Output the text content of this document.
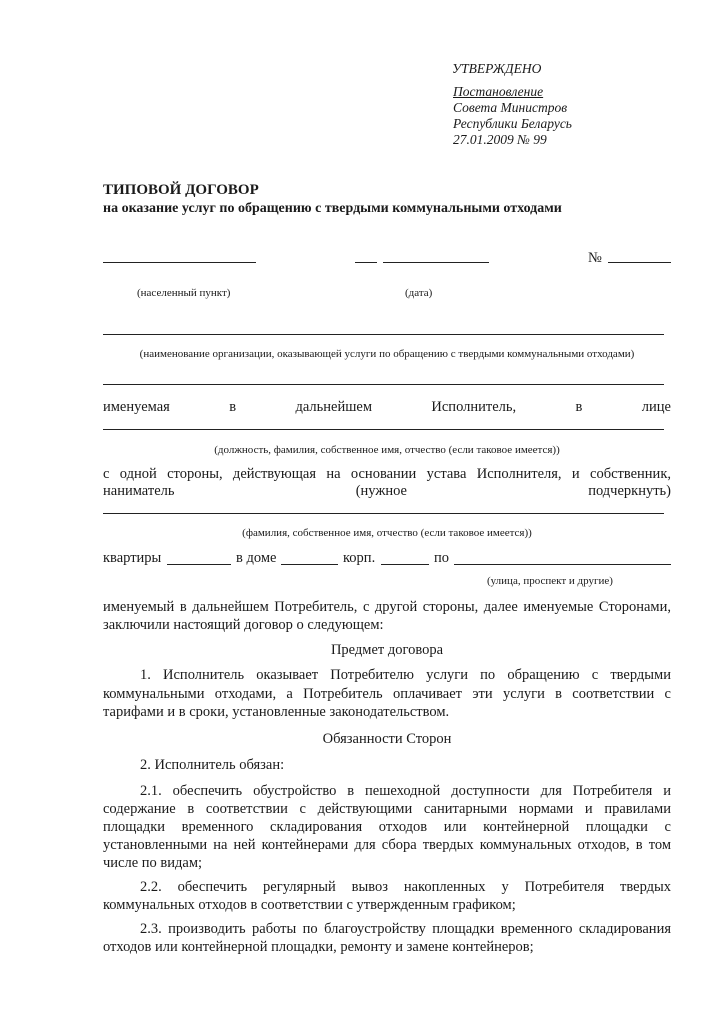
УТВЕРЖДЕНО
Постановление
Совета Министров
Республики Беларусь
27.01.2009 № 99
ТИПОВОЙ ДОГОВОР
на оказание услуг по обращению с твердыми коммунальными отходами
№
(населенный пункт)	(дата)
(наименование организации, оказывающей услуги по обращению с твердыми коммунальными отходами)
именуемая в дальнейшем Исполнитель, в лице
(должность, фамилия, собственное имя, отчество (если таковое имеется))
с одной стороны, действующая на основании устава Исполнителя, и собственник,
наниматель (нужное подчеркнуть)
(фамилия, собственное имя, отчество (если таковое имеется))
квартиры	в доме	корп.	по
(улица, проспект и другие)
именуемый в дальнейшем Потребитель, с другой стороны, далее именуемые Сторонами,
заключили настоящий договор о следующем:
Предмет договора
1. Исполнитель оказывает Потребителю услуги по обращению с твердыми
коммунальными отходами, а Потребитель оплачивает эти услуги в соответствии с
тарифами и в сроки, установленные законодательством.
Обязанности Сторон
2. Исполнитель обязан:
2.1. обеспечить обустройство в пешеходной доступности для Потребителя и
содержание в соответствии с действующими санитарными нормами и правилами
площадки временного складирования отходов или контейнерной площадки с
установленными на ней контейнерами для сбора твердых коммунальных отходов, в том
числе по видам;
2.2. обеспечить регулярный вывоз накопленных у Потребителя твердых
коммунальных отходов в соответствии с утвержденным графиком;
2.3. производить работы по благоустройству площадки временного складирования
отходов или контейнерной площадки, ремонту и замене контейнеров;
